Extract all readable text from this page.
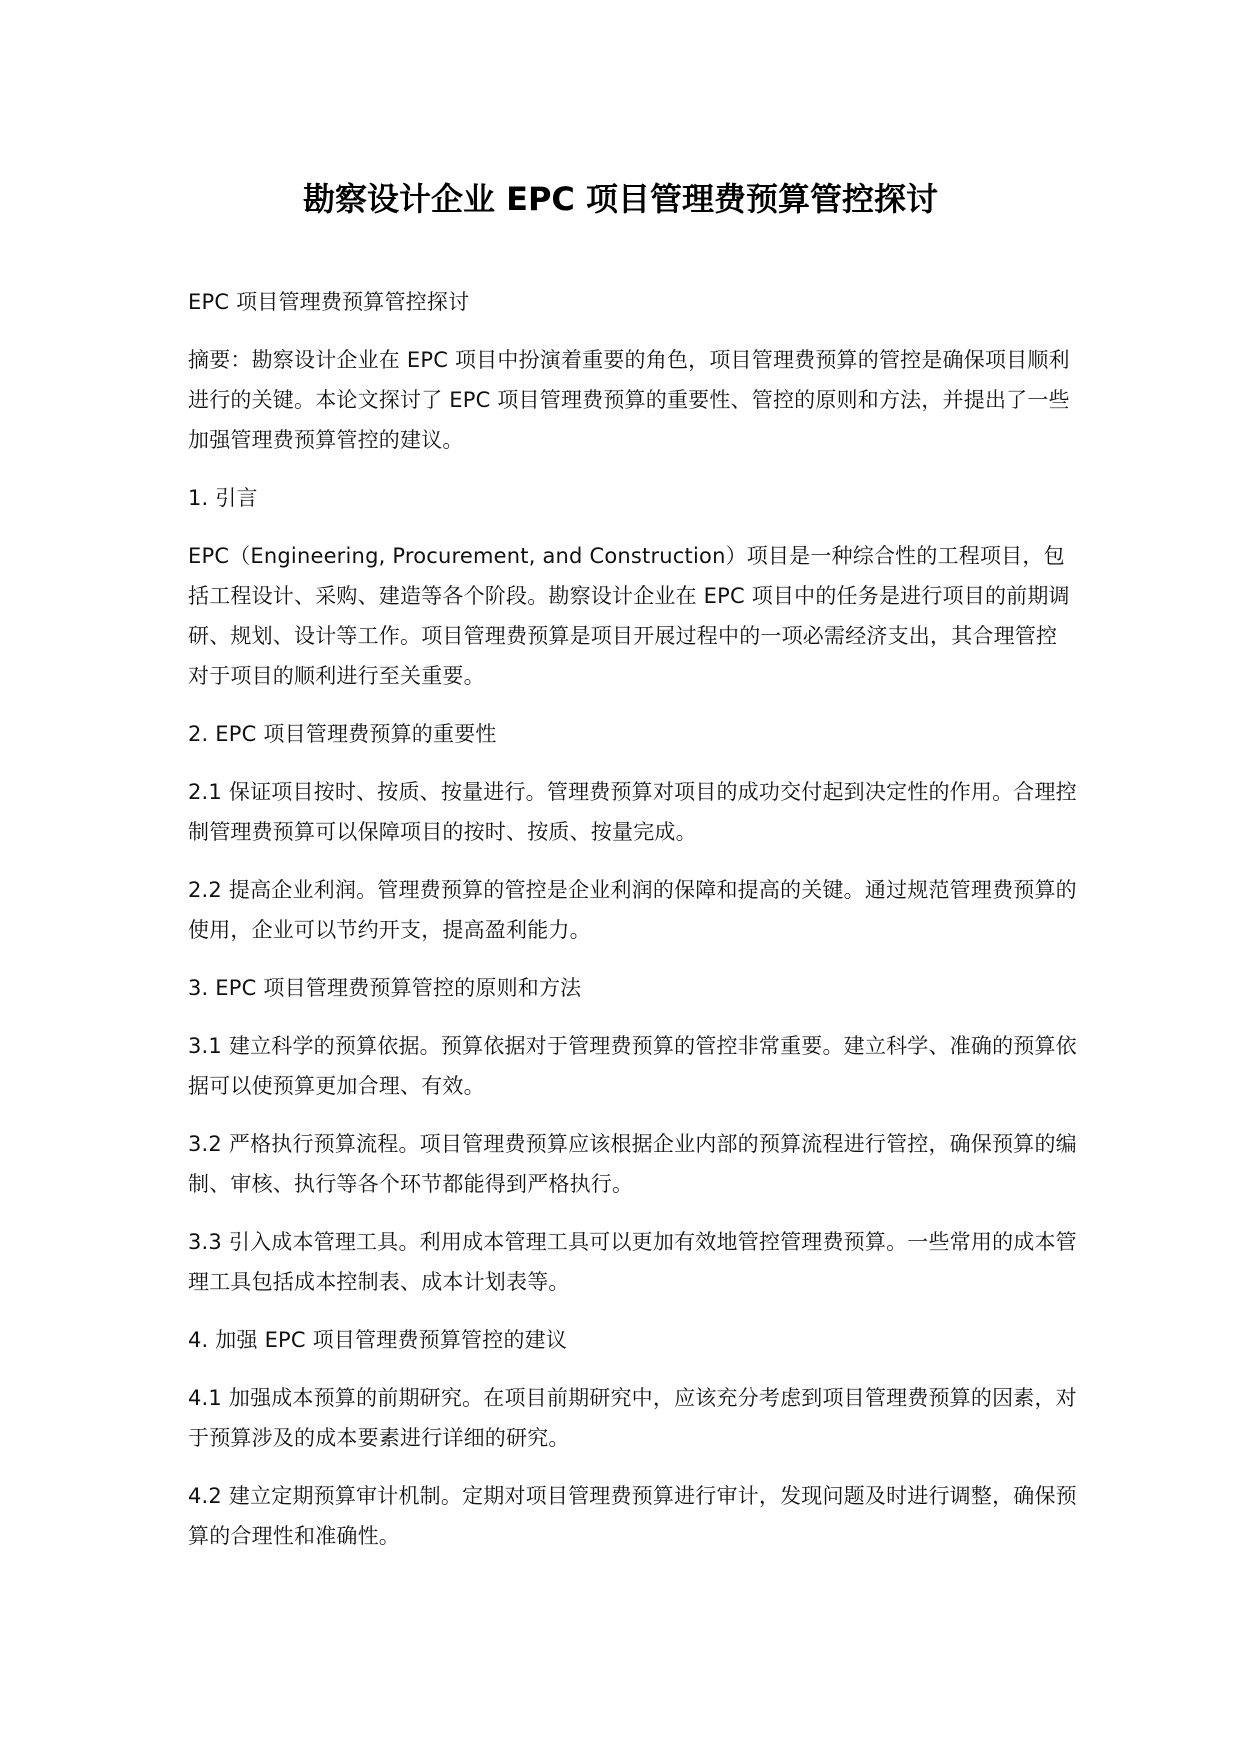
勘察设计企业 EPC 项目管理费预算管控探讨

EPC 项目管理费预算管控探讨

摘要：勘察设计企业在 EPC 项目中扮演着重要的角色，项目管理费预算的管控是确保项目顺利进行的关键。本论文探讨了 EPC 项目管理费预算的重要性、管控的原则和方法，并提出了一些加强管理费预算管控的建议。

1. 引言

EPC（Engineering, Procurement, and Construction）项目是一种综合性的工程项目，包括工程设计、采购、建造等各个阶段。勘察设计企业在 EPC 项目中的任务是进行项目的前期调研、规划、设计等工作。项目管理费预算是项目开展过程中的一项必需经济支出，其合理管控对于项目的顺利进行至关重要。

2. EPC 项目管理费预算的重要性

2.1 保证项目按时、按质、按量进行。管理费预算对项目的成功交付起到决定性的作用。合理控制管理费预算可以保障项目的按时、按质、按量完成。

2.2 提高企业利润。管理费预算的管控是企业利润的保障和提高的关键。通过规范管理费预算的使用，企业可以节约开支，提高盈利能力。

3. EPC 项目管理费预算管控的原则和方法

3.1 建立科学的预算依据。预算依据对于管理费预算的管控非常重要。建立科学、准确的预算依据可以使预算更加合理、有效。

3.2 严格执行预算流程。项目管理费预算应该根据企业内部的预算流程进行管控，确保预算的编制、审核、执行等各个环节都能得到严格执行。

3.3 引入成本管理工具。利用成本管理工具可以更加有效地管控管理费预算。一些常用的成本管理工具包括成本控制表、成本计划表等。

4. 加强 EPC 项目管理费预算管控的建议

4.1 加强成本预算的前期研究。在项目前期研究中，应该充分考虑到项目管理费预算的因素，对于预算涉及的成本要素进行详细的研究。

4.2 建立定期预算审计机制。定期对项目管理费预算进行审计，发现问题及时进行调整，确保预算的合理性和准确性。
